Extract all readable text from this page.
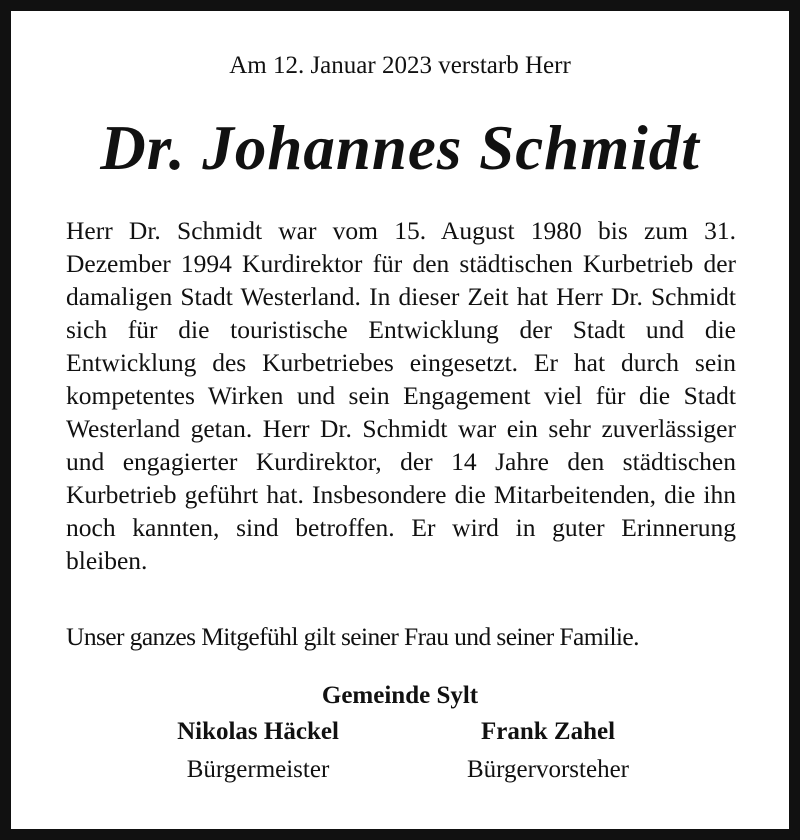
Am 12. Januar 2023 verstarb Herr
Dr. Johannes Schmidt
Herr Dr. Schmidt war vom 15. August 1980 bis zum 31. Dezember 1994 Kurdirektor für den städtischen Kurbetrieb der damaligen Stadt Westerland. In dieser Zeit hat Herr Dr. Schmidt sich für die touristische Entwicklung der Stadt und die Entwicklung des Kurbetriebes eingesetzt. Er hat durch sein kompetentes Wirken und sein Engagement viel für die Stadt Westerland getan. Herr Dr. Schmidt war ein sehr zuverlässiger und engagierter Kurdirektor, der 14 Jahre den städtischen Kurbetrieb geführt hat. Insbesondere die Mitarbeitenden, die ihn noch kannten, sind betroffen. Er wird in guter Erinnerung bleiben.
Unser ganzes Mitgefühl gilt seiner Frau und seiner Familie.
Gemeinde Sylt
Nikolas Häckel
Bürgermeister
Frank Zahel
Bürgervorsteher
